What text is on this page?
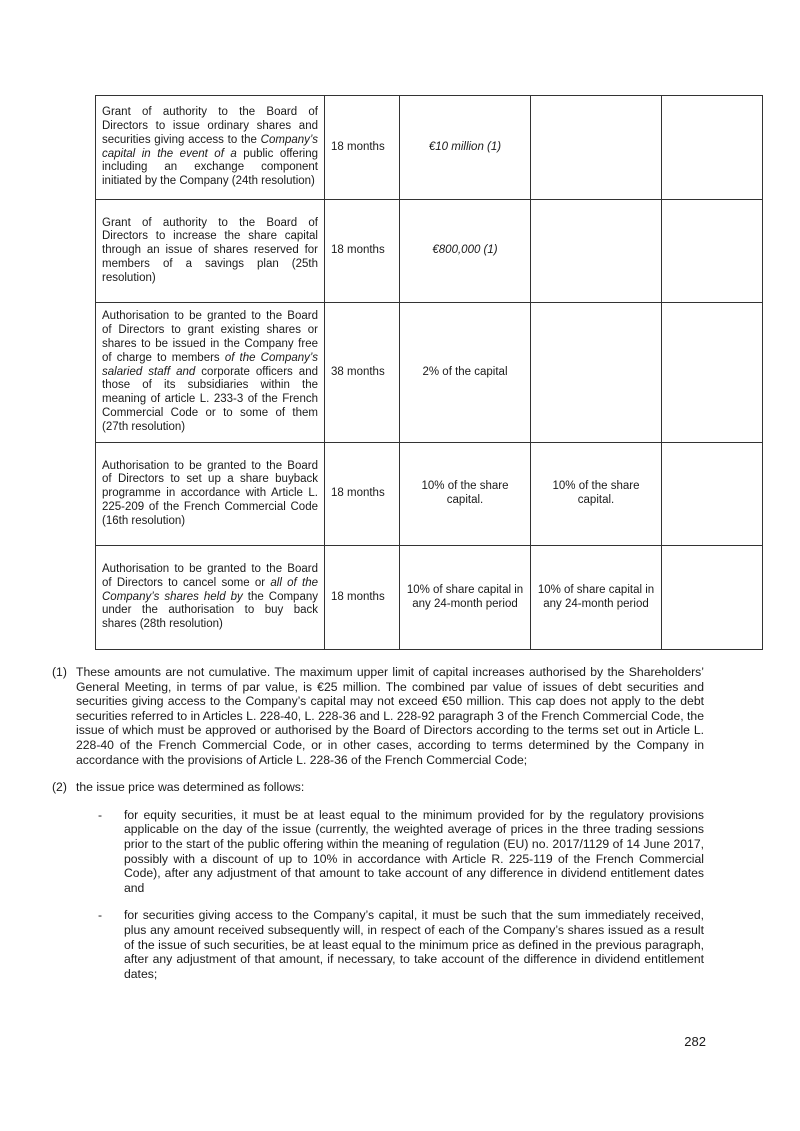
Grant of authority to the Board of Directors to issue ordinary shares and securities giving access to the Company’s capital in the event of a public offering including an exchange component initiated by the Company (24th resolution)	18 months	€10 million (1)		
Grant of authority to the Board of Directors to increase the share capital through an issue of shares reserved for members of a savings plan (25th resolution)	18 months	€800,000 (1)		
Authorisation to be granted to the Board of Directors to grant existing shares or shares to be issued in the Company free of charge to members of the Company’s salaried staff and corporate officers and those of its subsidiaries within the meaning of article L. 233-3 of the French Commercial Code or to some of them (27th resolution)	38 months	2% of the capital		
Authorisation to be granted to the Board of Directors to set up a share buyback programme in accordance with Article L. 225-209 of the French Commercial Code (16th resolution)	18 months	10% of the share capital.	10% of the share capital.	
Authorisation to be granted to the Board of Directors to cancel some or all of the Company’s shares held by the Company under the authorisation to buy back shares (28th resolution)	18 months	10% of share capital in any 24-month period	10% of share capital in any 24-month period	
(1) These amounts are not cumulative. The maximum upper limit of capital increases authorised by the Shareholders’ General Meeting, in terms of par value, is €25 million. The combined par value of issues of debt securities and securities giving access to the Company’s capital may not exceed €50 million. This cap does not apply to the debt securities referred to in Articles L. 228-40, L. 228-36 and L. 228-92 paragraph 3 of the French Commercial Code, the issue of which must be approved or authorised by the Board of Directors according to the terms set out in Article L. 228-40 of the French Commercial Code, or in other cases, according to terms determined by the Company in accordance with the provisions of Article L. 228-36 of the French Commercial Code;
(2) the issue price was determined as follows:
-	for equity securities, it must be at least equal to the minimum provided for by the regulatory provisions applicable on the day of the issue (currently, the weighted average of prices in the three trading sessions prior to the start of the public offering within the meaning of regulation (EU) no. 2017/1129 of 14 June 2017, possibly with a discount of up to 10% in accordance with Article R. 225-119 of the French Commercial Code), after any adjustment of that amount to take account of any difference in dividend entitlement dates and
-	for securities giving access to the Company’s capital, it must be such that the sum immediately received, plus any amount received subsequently will, in respect of each of the Company’s shares issued as a result of the issue of such securities, be at least equal to the minimum price as defined in the previous paragraph, after any adjustment of that amount, if necessary, to take account of the difference in dividend entitlement dates;
282
